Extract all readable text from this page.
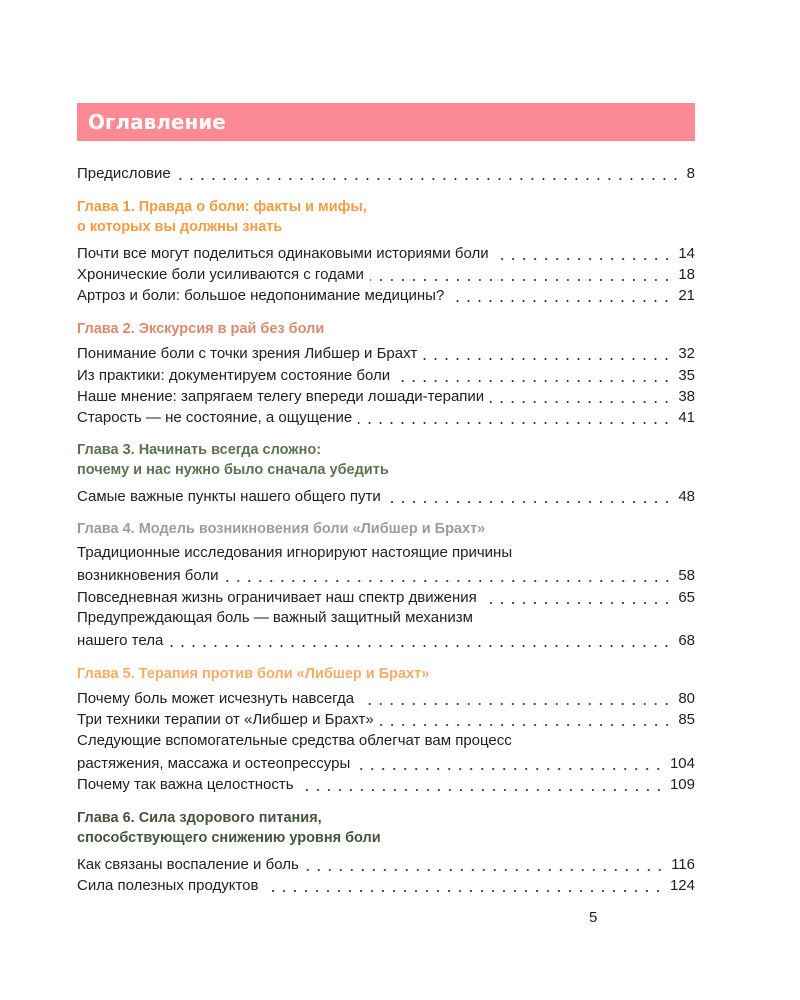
Оглавление
Предисловие	8
Глава 1. Правда о боли: факты и мифы,
о которых вы должны знать
Почти все могут поделиться одинаковыми историями боли	14
Хронические боли усиливаются с годами	18
Артроз и боли: большое недопонимание медицины?	21
Глава 2. Экскурсия в рай без боли
Понимание боли с точки зрения Либшер и Брахт	32
Из практики: документируем состояние боли	35
Наше мнение: запрягаем телегу впереди лошади-терапии	38
Старость — не состояние, а ощущение	41
Глава 3. Начинать всегда сложно:
почему и нас нужно было сначала убедить
Самые важные пункты нашего общего пути	48
Глава 4. Модель возникновения боли «Либшер и Брахт»
Традиционные исследования игнорируют настоящие причины
возникновения боли	58
Повседневная жизнь ограничивает наш спектр движения	65
Предупреждающая боль — важный защитный механизм
нашего тела	68
Глава 5. Терапия против боли «Либшер и Брахт»
Почему боль может исчезнуть навсегда	80
Три техники терапии от «Либшер и Брахт»	85
Следующие вспомогательные средства облегчат вам процесс
растяжения, массажа и остеопрессуры	104
Почему так важна целостность	109
Глава 6. Сила здорового питания,
способствующего снижению уровня боли
Как связаны воспаление и боль	116
Сила полезных продуктов	124
5
